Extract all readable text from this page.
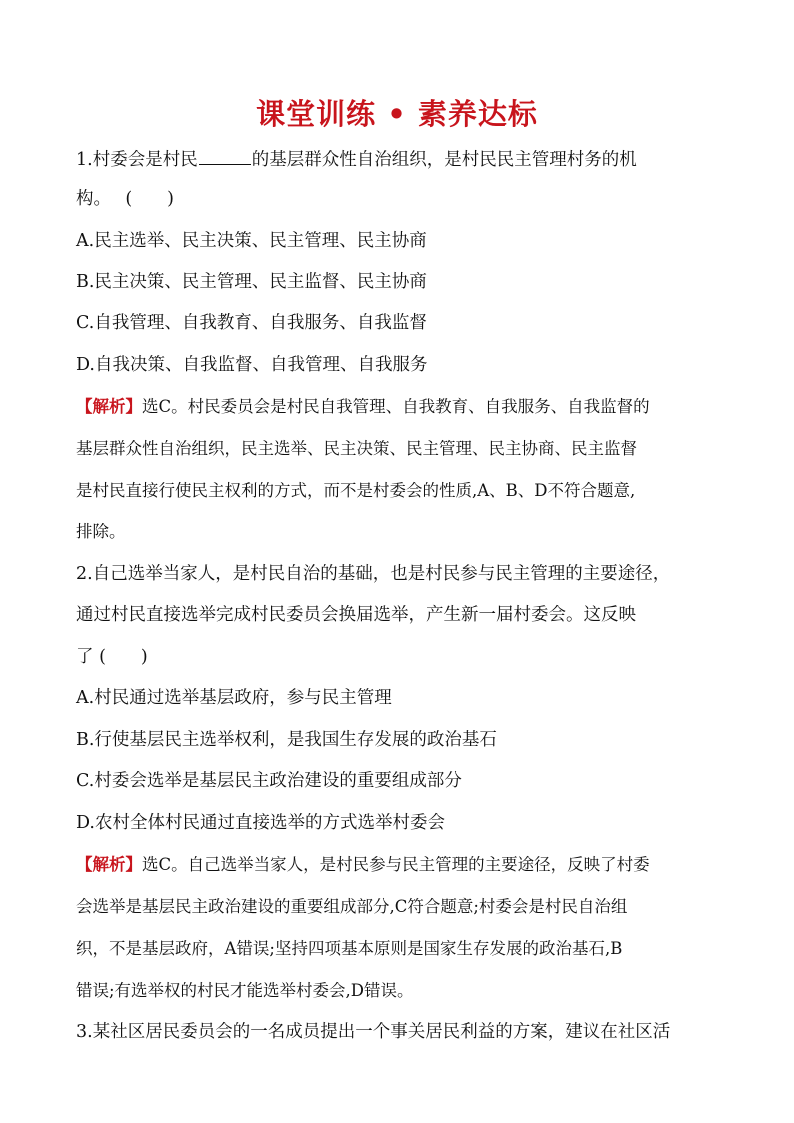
课堂训练 • 素养达标
1.村委会是村民	的基层群众性自治组织，是村民民主管理村务的机
构。　 (　　)
A.民主选举、民主决策、民主管理、民主协商
B.民主决策、民主管理、民主监督、民主协商
C.自我管理、自我教育、自我服务、自我监督
D.自我决策、自我监督、自我管理、自我服务
【解析】选C。村民委员会是村民自我管理、自我教育、自我服务、自我监督的
基层群众性自治组织，民主选举、民主决策、民主管理、民主协商、民主监督
是村民直接行使民主权利的方式，而不是村委会的性质,A、B、D不符合题意,
排除。
2.自己选举当家人，是村民自治的基础，也是村民参与民主管理的主要途径，
通过村民直接选举完成村民委员会换届选举，产生新一届村委会。这反映
了 (　　)
A.村民通过选举基层政府，参与民主管理
B.行使基层民主选举权利，是我国生存发展的政治基石
C.村委会选举是基层民主政治建设的重要组成部分
D.农村全体村民通过直接选举的方式选举村委会
【解析】选C。自己选举当家人，是村民参与民主管理的主要途径，反映了村委
会选举是基层民主政治建设的重要组成部分,C符合题意;村委会是村民自治组
织，不是基层政府，A错误;坚持四项基本原则是国家生存发展的政治基石,B
错误;有选举权的村民才能选举村委会,D错误。
3.某社区居民委员会的一名成员提出一个事关居民利益的方案，建议在社区活
